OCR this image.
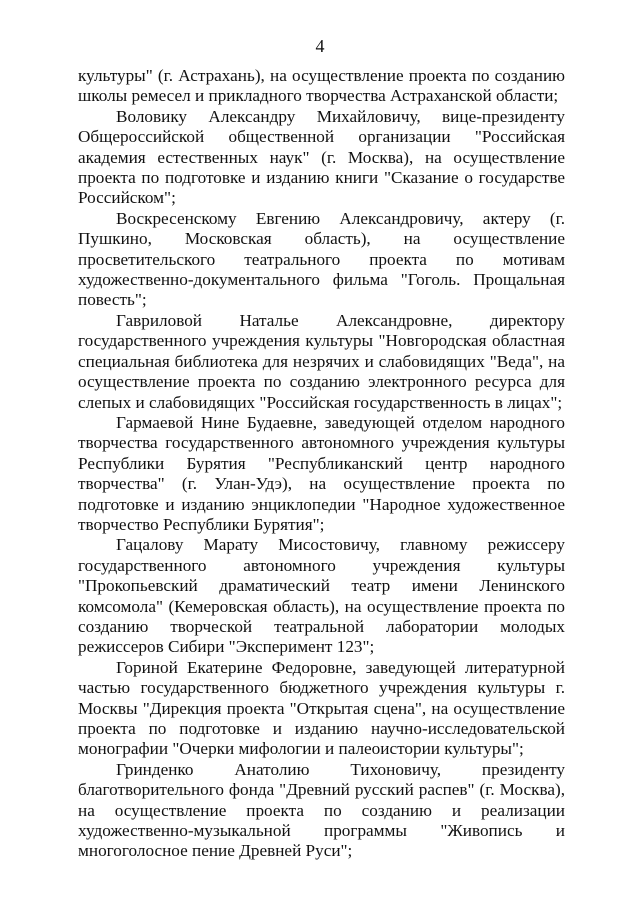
4

культуры" (г. Астрахань), на осуществление проекта по созданию школы ремесел и прикладного творчества Астраханской области;

Воловику Александру Михайловичу, вице-президенту Общероссийской общественной организации "Российская академия естественных наук" (г. Москва), на осуществление проекта по подготовке и изданию книги "Сказание о государстве Российском";

Воскресенскому Евгению Александровичу, актеру (г. Пушкино, Московская область), на осуществление просветительского театрального проекта по мотивам художественно-документального фильма "Гоголь. Прощальная повесть";

Гавриловой Наталье Александровне, директору государственного учреждения культуры "Новгородская областная специальная библиотека для незрячих и слабовидящих "Веда", на осуществление проекта по созданию электронного ресурса для слепых и слабовидящих "Российская государственность в лицах";

Гармаевой Нине Будаевне, заведующей отделом народного творчества государственного автономного учреждения культуры Республики Бурятия "Республиканский центр народного творчества" (г. Улан-Удэ), на осуществление проекта по подготовке и изданию энциклопедии "Народное художественное творчество Республики Бурятия";

Гацалову Марату Мисостовичу, главному режиссеру государственного автономного учреждения культуры "Прокопьевский драматический театр имени Ленинского комсомола" (Кемеровская область), на осуществление проекта по созданию творческой театральной лаборатории молодых режиссеров Сибири "Эксперимент 123";

Гориной Екатерине Федоровне, заведующей литературной частью государственного бюджетного учреждения культуры г. Москвы "Дирекция проекта "Открытая сцена", на осуществление проекта по подготовке и изданию научно-исследовательской монографии "Очерки мифологии и палеоистории культуры";

Гринденко Анатолию Тихоновичу, президенту благотворительного фонда "Древний русский распев" (г. Москва), на осуществление проекта по созданию и реализации художественно-музыкальной программы "Живопись и многоголосное пение Древней Руси";
